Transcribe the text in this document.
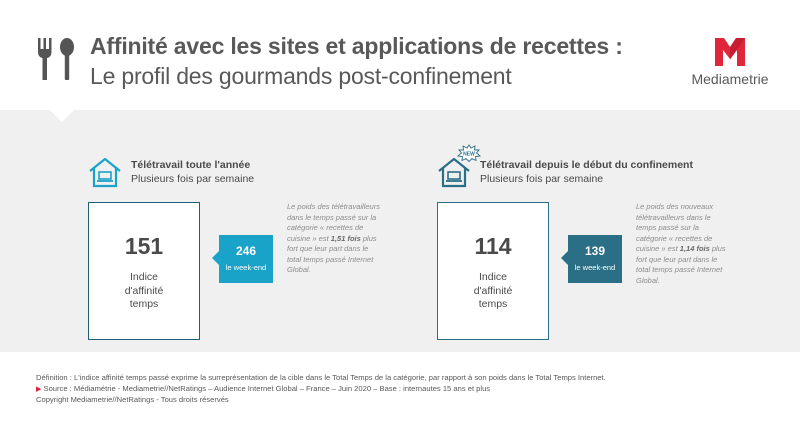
Affinité avec les sites et applications de recettes :
Le profil des gourmands post-confinement	Mediametrie
Télétravail toute l'année
Plusieurs fois par semaine
151
Indice
d'affinité
temps
246
le week-end
Le poids des télétravailleurs dans le temps passé sur la catégorie « recettes de cuisine » est 1,51 fois plus fort que leur part dans le total temps passé Internet Global.
NEW
Télétravail depuis le début du confinement
Plusieurs fois par semaine
114
Indice
d'affinité
temps
139
le week-end
Le poids des nouveaux télétravailleurs dans le temps passé sur la catégorie « recettes de cuisine » est 1,14 fois plus fort que leur part dans le total temps passé Internet Global.
Définition : L'indice affinité temps passé exprime la surreprésentation de la cible dans le Total Temps de la catégorie, par rapport à son poids dans le Total Temps Internet.
▶ Source : Médiamétrie - Mediametrie//NetRatings – Audience Internet Global – France – Juin 2020 – Base : internautes 15 ans et plus
Copyright Mediametrie//NetRatings - Tous droits réservés
